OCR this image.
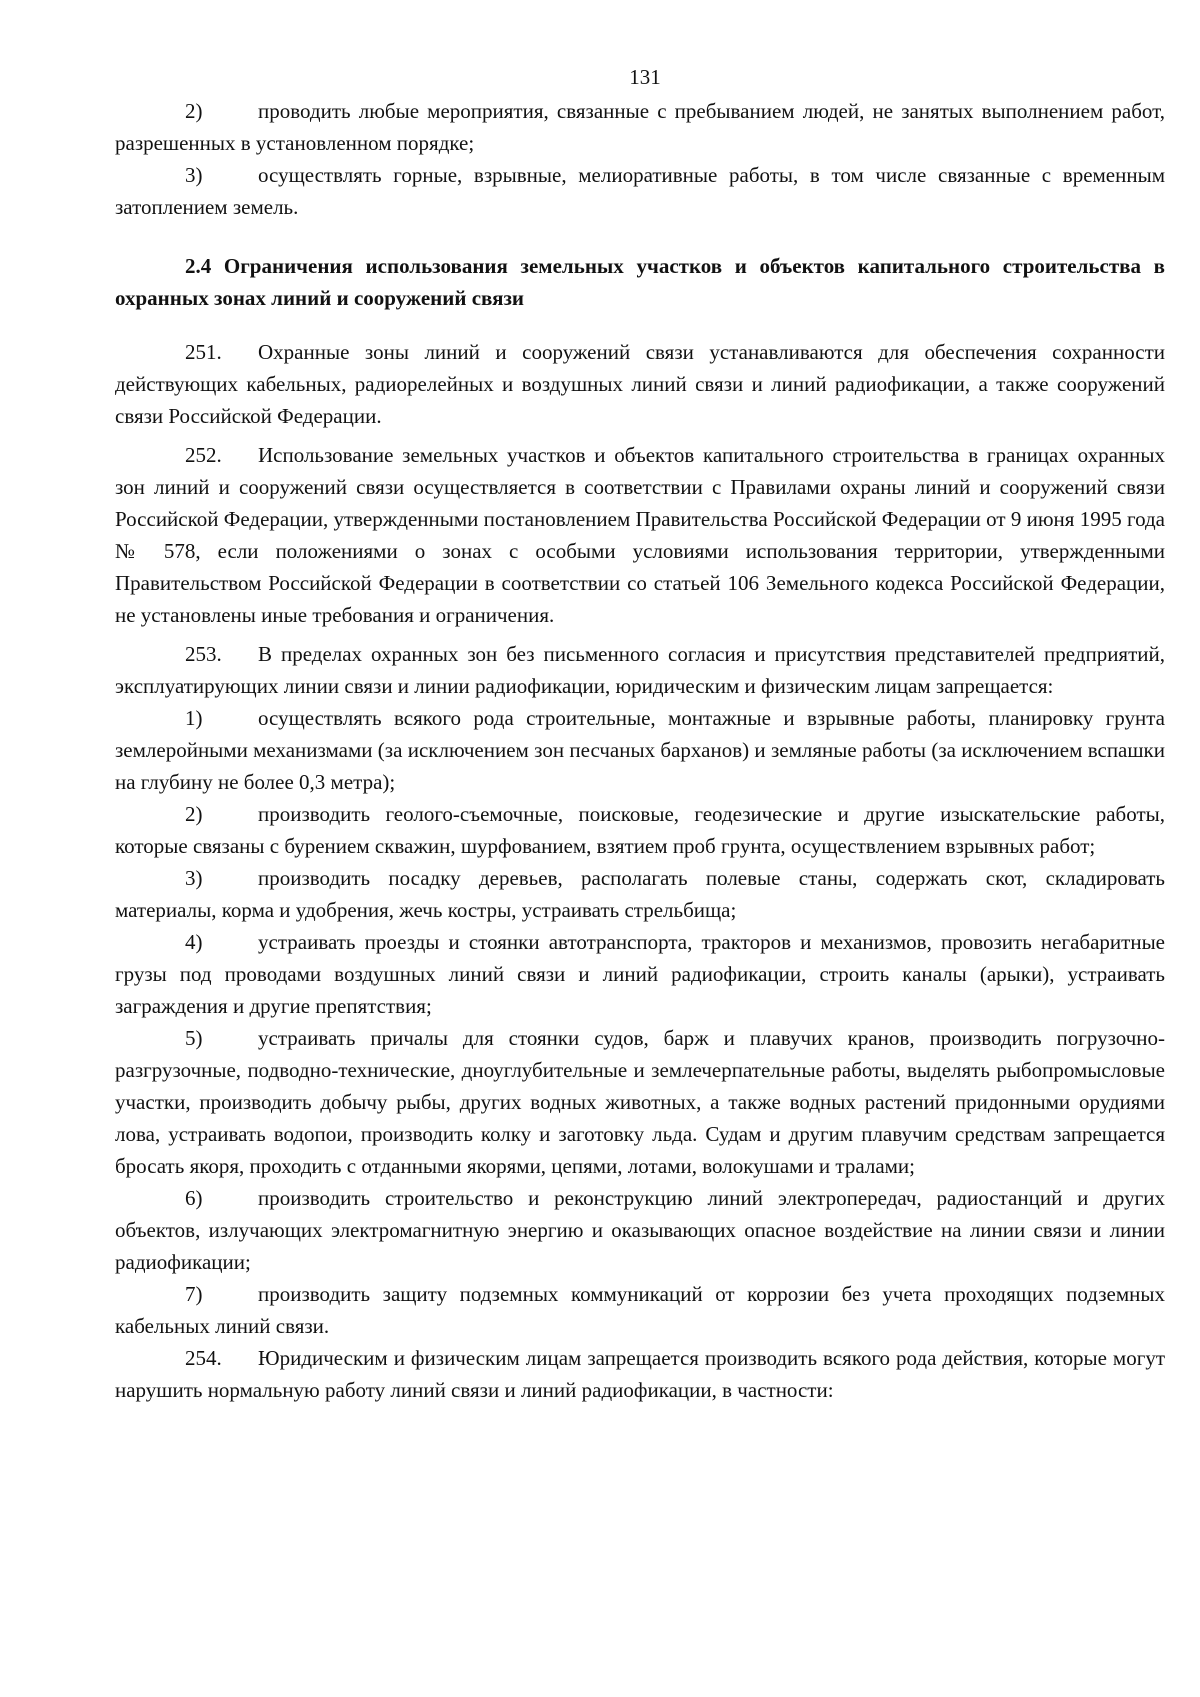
131

2)	проводить любые мероприятия, связанные с пребыванием людей, не занятых выполнением работ, разрешенных в установленном порядке;

3)	осуществлять горные, взрывные, мелиоративные работы, в том числе связанные с временным затоплением земель.

2.4 Ограничения использования земельных участков и объектов капитального строительства в охранных зонах линий и сооружений связи

251. Охранные зоны линий и сооружений связи устанавливаются для обеспечения сохранности действующих кабельных, радиорелейных и воздушных линий связи и линий радиофикации, а также сооружений связи Российской Федерации.

252. Использование земельных участков и объектов капитального строительства в границах охранных зон линий и сооружений связи осуществляется в соответствии с Правилами охраны линий и сооружений связи Российской Федерации, утвержденными постановлением Правительства Российской Федерации от 9 июня 1995 года № 578, если положениями о зонах с особыми условиями использования территории, утвержденными Правительством Российской Федерации в соответствии со статьей 106 Земельного кодекса Российской Федерации, не установлены иные требования и ограничения.

253. В пределах охранных зон без письменного согласия и присутствия представителей предприятий, эксплуатирующих линии связи и линии радиофикации, юридическим и физическим лицам запрещается:

1)	осуществлять всякого рода строительные, монтажные и взрывные работы, планировку грунта землеройными механизмами (за исключением зон песчаных барханов) и земляные работы (за исключением вспашки на глубину не более 0,3 метра);

2)	производить геолого-съемочные, поисковые, геодезические и другие изыскательские работы, которые связаны с бурением скважин, шурфованием, взятием проб грунта, осуществлением взрывных работ;

3)	производить посадку деревьев, располагать полевые станы, содержать скот, складировать материалы, корма и удобрения, жечь костры, устраивать стрельбища;

4)	устраивать проезды и стоянки автотранспорта, тракторов и механизмов, провозить негабаритные грузы под проводами воздушных линий связи и линий радиофикации, строить каналы (арыки), устраивать заграждения и другие препятствия;

5)	устраивать причалы для стоянки судов, барж и плавучих кранов, производить погрузочно-разгрузочные, подводно-технические, дноуглубительные и землечерпательные работы, выделять рыбопромысловые участки, производить добычу рыбы, других водных животных, а также водных растений придонными орудиями лова, устраивать водопои, производить колку и заготовку льда. Судам и другим плавучим средствам запрещается бросать якоря, проходить с отданными якорями, цепями, лотами, волокушами и тралами;

6)	производить строительство и реконструкцию линий электропередач, радиостанций и других объектов, излучающих электромагнитную энергию и оказывающих опасное воздействие на линии связи и линии радиофикации;

7)	производить защиту подземных коммуникаций от коррозии без учета проходящих подземных кабельных линий связи.

254. Юридическим и физическим лицам запрещается производить всякого рода действия, которые могут нарушить нормальную работу линий связи и линий радиофикации, в частности:
